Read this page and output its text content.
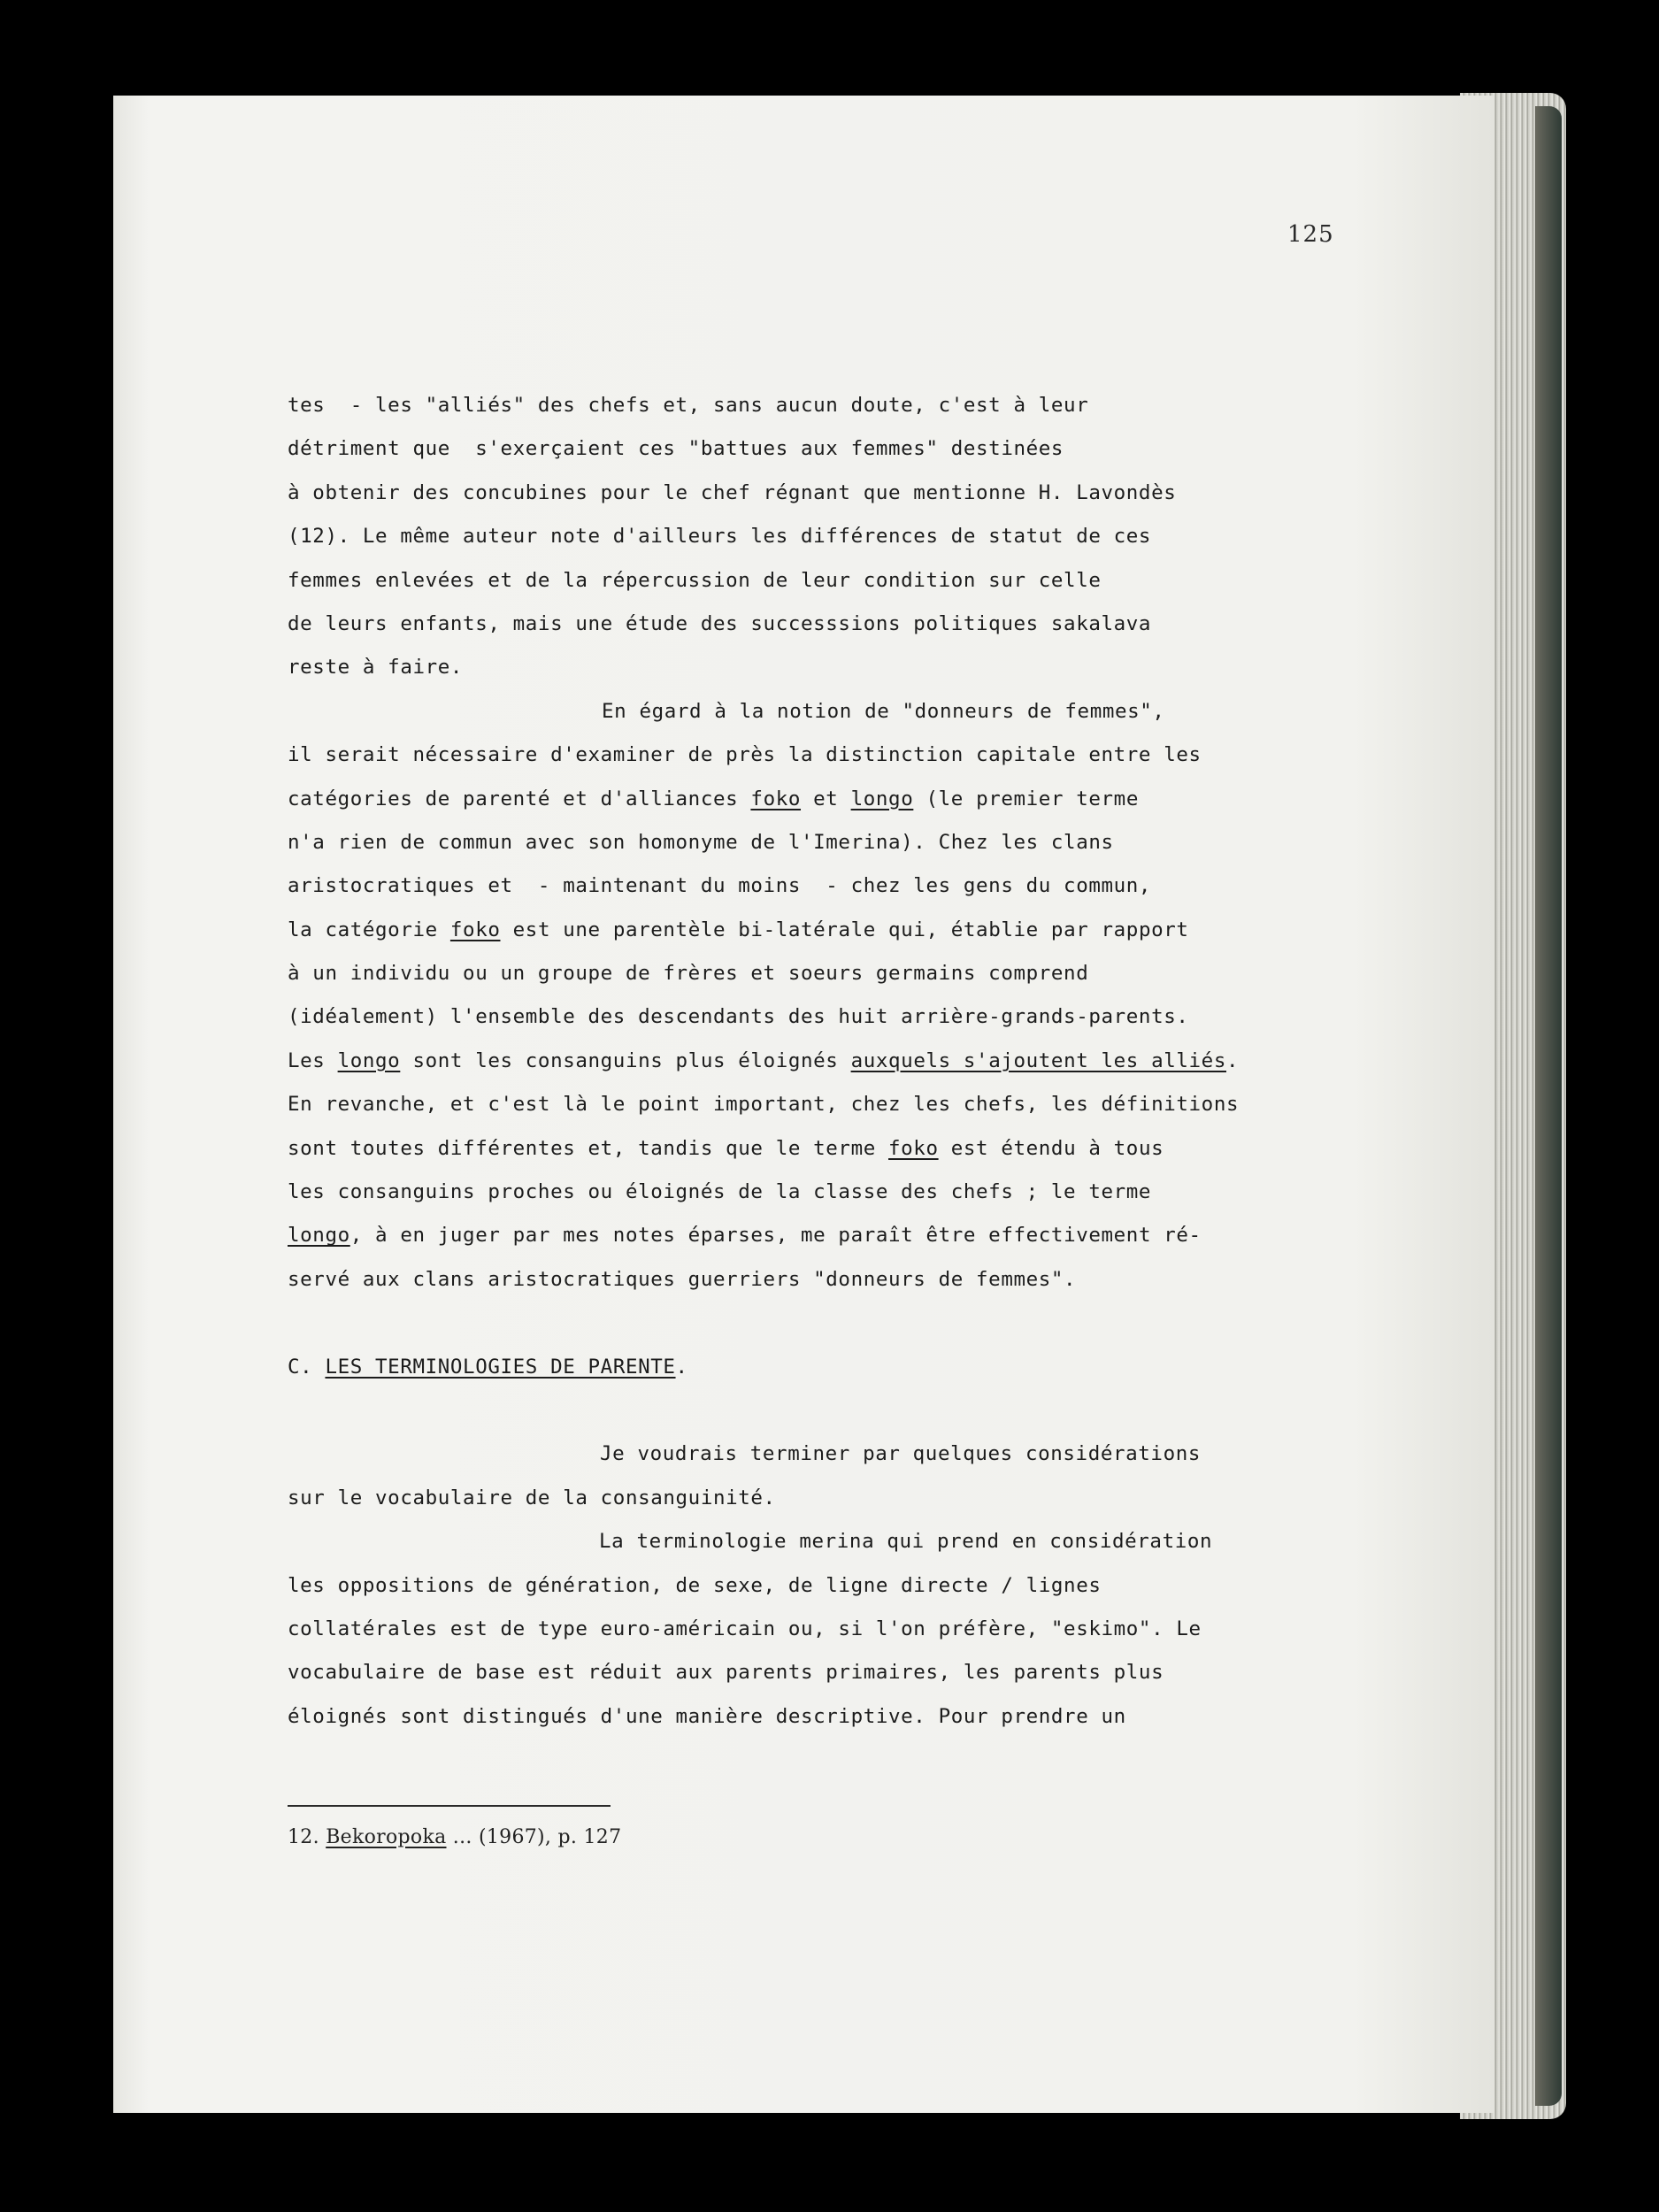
125
tes  - les "alliés" des chefs et, sans aucun doute, c'est à leur
détriment que  s'exerçaient ces "battues aux femmes" destinées
à obtenir des concubines pour le chef régnant que mentionne H. Lavondès
(12). Le même auteur note d'ailleurs les différences de statut de ces
femmes enlevées et de la répercussion de leur condition sur celle
de leurs enfants, mais une étude des successsions politiques sakalava
reste à faire.
En égard à la notion de "donneurs de femmes",
il serait nécessaire d'examiner de près la distinction capitale entre les
catégories de parenté et d'alliances foko et longo (le premier terme
n'a rien de commun avec son homonyme de l'Imerina). Chez les clans
aristocratiques et  - maintenant du moins  - chez les gens du commun,
la catégorie foko est une parentèle bi-latérale qui, établie par rapport
à un individu ou un groupe de frères et soeurs germains comprend
(idéalement) l'ensemble des descendants des huit arrière-grands-parents.
Les longo sont les consanguins plus éloignés auxquels s'ajoutent les alliés.
En revanche, et c'est là le point important, chez les chefs, les définitions
sont toutes différentes et, tandis que le terme foko est étendu à tous
les consanguins proches ou éloignés de la classe des chefs ; le terme
longo, à en juger par mes notes éparses, me paraît être effectivement ré-
servé aux clans aristocratiques guerriers "donneurs de femmes".
C. LES TERMINOLOGIES DE PARENTE.
Je voudrais terminer par quelques considérations
sur le vocabulaire de la consanguinité.
La terminologie merina qui prend en considération
les oppositions de génération, de sexe, de ligne directe / lignes
collatérales est de type euro-américain ou, si l'on préfère, "eskimo". Le
vocabulaire de base est réduit aux parents primaires, les parents plus
éloignés sont distingués d'une manière descriptive. Pour prendre un
12. Bekoropoka ... (1967), p. 127
